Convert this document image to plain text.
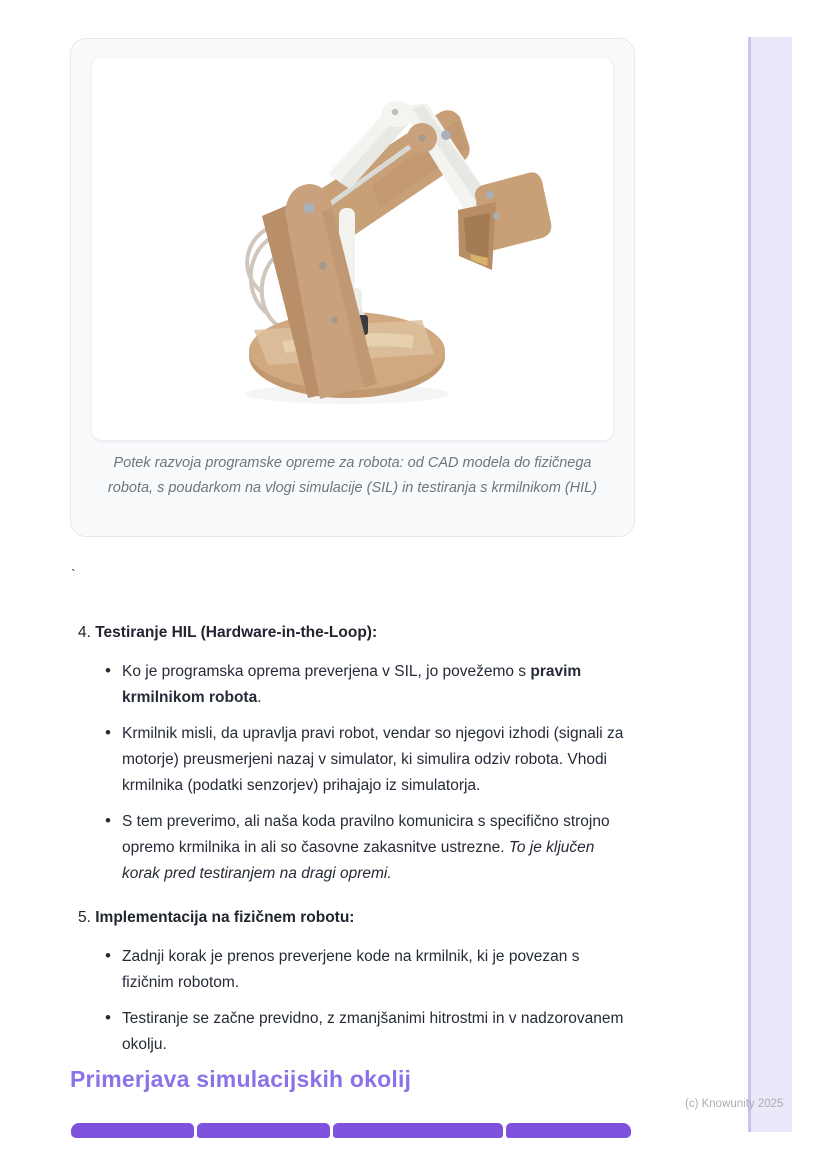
Potek razvoja programske opreme za robota: od CAD modela do fizičnega
robota, s poudarkom na vlogi simulacije (SIL) in testiranja s krmilnikom (HIL)
`
4. Testiranje HIL (Hardware-in-the-Loop):
• Ko je programska oprema preverjena v SIL, jo povežemo s pravim krmilnikom robota.
• Krmilnik misli, da upravlja pravi robot, vendar so njegovi izhodi (signali za motorje) preusmerjeni nazaj v simulator, ki simulira odziv robota. Vhodi krmilnika (podatki senzorjev) prihajajo iz simulatorja.
• S tem preverimo, ali naša koda pravilno komunicira s specifično strojno opremo krmilnika in ali so časovne zakasnitve ustrezne. To je ključen korak pred testiranjem na dragi opremi.
5. Implementacija na fizičnem robotu:
• Zadnji korak je prenos preverjene kode na krmilnik, ki je povezan s fizičnim robotom.
• Testiranje se začne previdno, z zmanjšanimi hitrostmi in v nadzorovanem okolju.
Primerjava simulacijskih okolij
(c) Knowunity 2025
